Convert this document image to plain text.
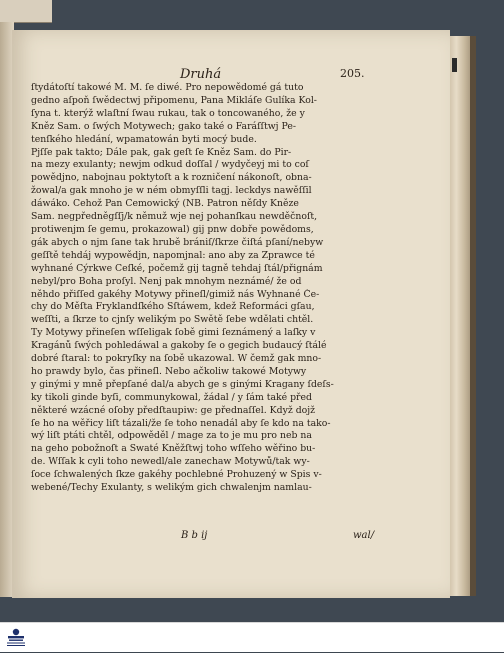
Druhá	205.
ſtydátoſtí takowé M. M. ſe diwé. Pro nepowědomé gá tuto
gedno aſpoň ſwědectwj připomenu, Pana Mikláſe Gulíka Kol-
ſyna t. kterýž wlaſtní ſwau rukau, tak o toncowaného, že y
Kněz Sam. o ſwých Motywech; gako také o Faráſſtwj Pe-
tenſkého hledání, wpamatowán byti mocý bude.
Pjſſe pak takto; Dále pak, gak geſt ſe Kněz Sam. do Pir-
na mezy exulanty; newjm odkud doſſal / wydyčeyj mi to coſ
powědjno, nabojnau poktytoſt a k rozničení nákonoſt, obna-
žowal/a gak mnoho je w ném obmyſſli tagj. leckdys nawěſſil
dáwáko. Cehož Pan Cemowický (NB. Patron něſdy Kněze
Sam. negpředněgſſj/k němuž wje nej pohanſkau newděčnoſt,
protiwenjm ſe gemu, prokazowal) gij pnw dobře powědoms,
gák abych o njm ſane tak hrubě brániſ/ſkrze čiſtá pſaní/nebyw
geſſtě tehdáj wypowědjn, napomjnal: ano aby za Zprawce té
wyhnané Cýrkwe Ceſké, počemž gij tagně tehdaj ſtál/přignám
nebyl/pro Boha proſyl. Nenj pak mnohym neznámé/ že od
něhdo přiſſed gakéhy Motywy přineſl/gimiž nás Wyhnané Če-
chy do Měſta Fryklandſkého Sſtáwem, kdež Reformáci gſau,
weſſti, a ſkrze to cjnſy welikým po Swětě ſebe wdělati chtěl.
Ty Motywy přineſen wſſeligak ſobě gimi ſeznámený a laſky v
Kragánů ſwých pohledáwal a gakoby ſe o gegich budaucý ſtálé
dobré ſtaral: to pokryſky na ſobě ukazowal. W čemž gak mno-
ho prawdy bylo, čas přineſl. Nebo ačkoliw takowé Motywy
y ginými y mně přepſané dal/a abych ge s ginými Kragany ſdeſs-
ky tikoli ginde byſi, communykowal, žádal / y ſám také před
některé wzácné oſoby předſtaupiw: ge přednaſſel. Když dojž
ſe ho na wěřicy liſt tázali/že ſe toho nenadál aby ſe kdo na tako-
wý liſt ptáti chtěl, odpowěděl / mage za to je mu pro neb na
na geho pobožnoſt a Swaté Kněžſtwj toho wſſeho wěřino bu-
de. Wſſak k cyli toho newedl/ale zanechaw Motywů/tak wy-
ſoce ſchwalených ſkze gakéhy pochlebné Prohuzený w Spis v-
webené/Techy Exulanty, s welikým gich chwalenjm namlau-
B b ij	wal/
